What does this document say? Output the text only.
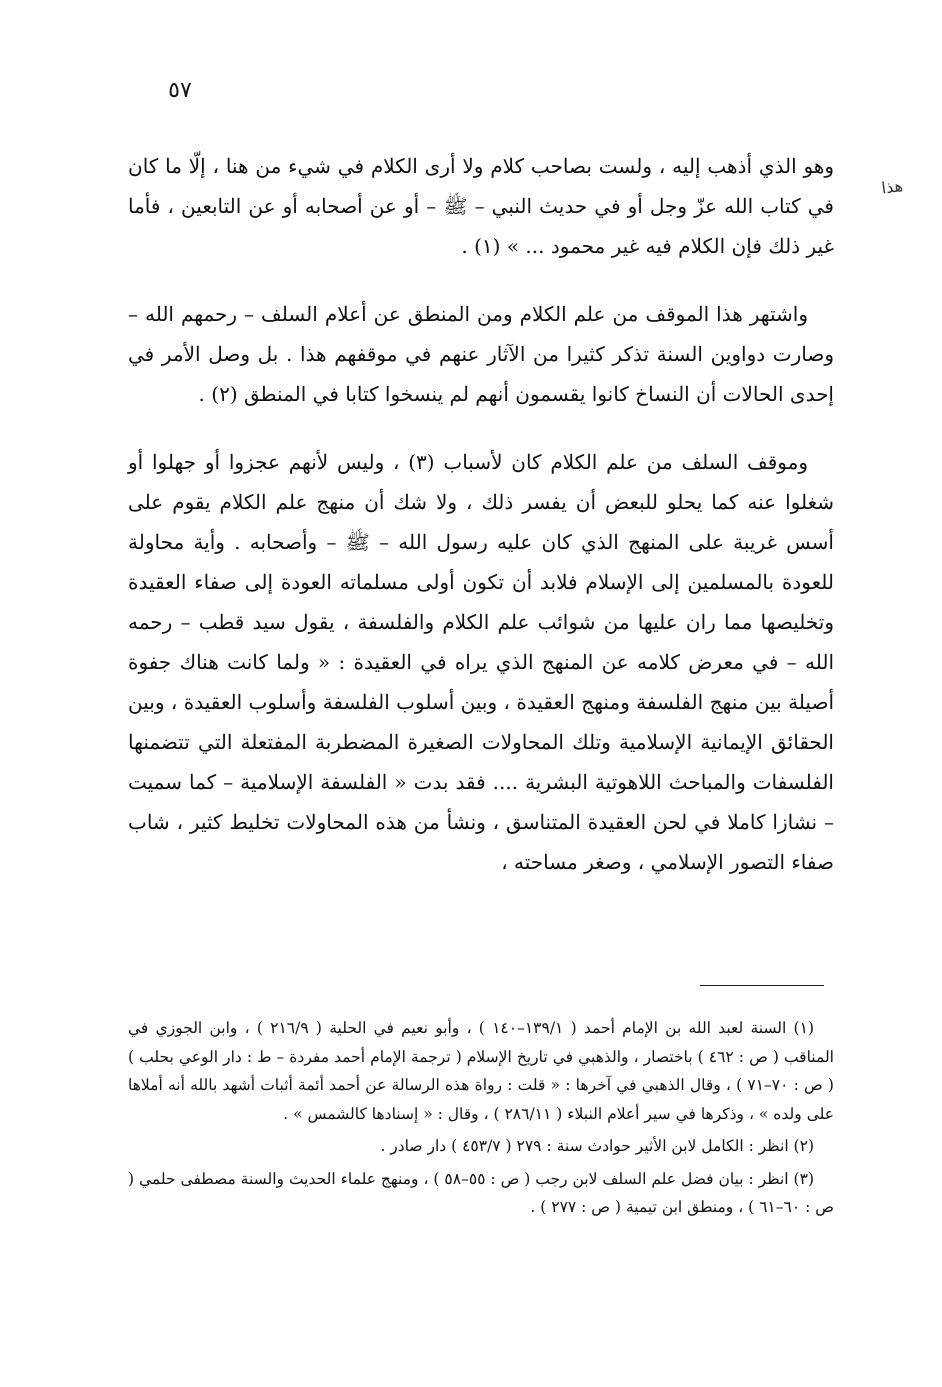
٥٧
هذا

وهو الذي أذهب إليه ، ولست بصاحب كلام ولا أرى الكلام في شيء من هنا ، إلّا ما كان في كتاب الله عزّ وجل أو في حديث النبي – ﷺ – أو عن أصحابه أو عن التابعين ، فأما غير ذلك فإن الكلام فيه غير محمود ... » (١) .

واشتهر هذا الموقف من علم الكلام ومن المنطق عن أعلام السلف – رحمهم الله – وصارت دواوين السنة تذكر كثيرا من الآثار عنهم في موقفهم هذا . بل وصل الأمر في إحدى الحالات أن النساخ كانوا يقسمون أنهم لم ينسخوا كتابا في المنطق (٢) .

وموقف السلف من علم الكلام كان لأسباب (٣) ، وليس لأنهم عجزوا أو جهلوا أو شغلوا عنه كما يحلو للبعض أن يفسر ذلك ، ولا شك أن منهج علم الكلام يقوم على أسس غريبة على المنهج الذي كان عليه رسول الله – ﷺ – وأصحابه . وأية محاولة للعودة بالمسلمين إلى الإسلام فلابد أن تكون أولى مسلماته العودة إلى صفاء العقيدة وتخليصها مما ران عليها من شوائب علم الكلام والفلسفة ، يقول سيد قطب – رحمه الله – في معرض كلامه عن المنهج الذي يراه في العقيدة : « ولما كانت هناك جفوة أصيلة بين منهج الفلسفة ومنهج العقيدة ، وبين أسلوب الفلسفة وأسلوب العقيدة ، وبين الحقائق الإيمانية الإسلامية وتلك المحاولات الصغيرة المضطربة المفتعلة التي تتضمنها الفلسفات والمباحث اللاهوتية البشرية .... فقد بدت « الفلسفة الإسلامية – كما سميت – نشازا كاملا في لحن العقيدة المتناسق ، ونشأ من هذه المحاولات تخليط كثير ، شاب صفاء التصور الإسلامي ، وصغر مساحته ،

(١) السنة لعبد الله بن الإمام أحمد ( ١٣٩/١–١٤٠ ) ، وأبو نعيم في الحلية ( ٢١٦/٩ ) ، وابن الجوزي في المناقب ( ص : ٤٦٢ ) باختصار ، والذهبي في تاريخ الإسلام ( ترجمة الإمام أحمد مفردة – ط : دار الوعي بحلب ) ( ص : ٧٠–٧١ ) ، وقال الذهبي في آخرها : « قلت : رواة هذه الرسالة عن أحمد أئمة أثبات أشهد بالله أنه أملاها على ولده » ، وذكرها في سير أعلام النبلاء ( ٢٨٦/١١ ) ، وقال : « إسنادها كالشمس » .

(٢) انظر : الكامل لابن الأثير حوادث سنة : ٢٧٩ ( ٤٥٣/٧ ) دار صادر .

(٣) انظر : بيان فضل علم السلف لابن رجب ( ص : ٥٥–٥٨ ) ، ومنهج علماء الحديث والسنة مصطفى حلمي ( ص : ٦٠–٦١ ) ، ومنطق ابن تيمية ( ص : ٢٧٧ ) .
